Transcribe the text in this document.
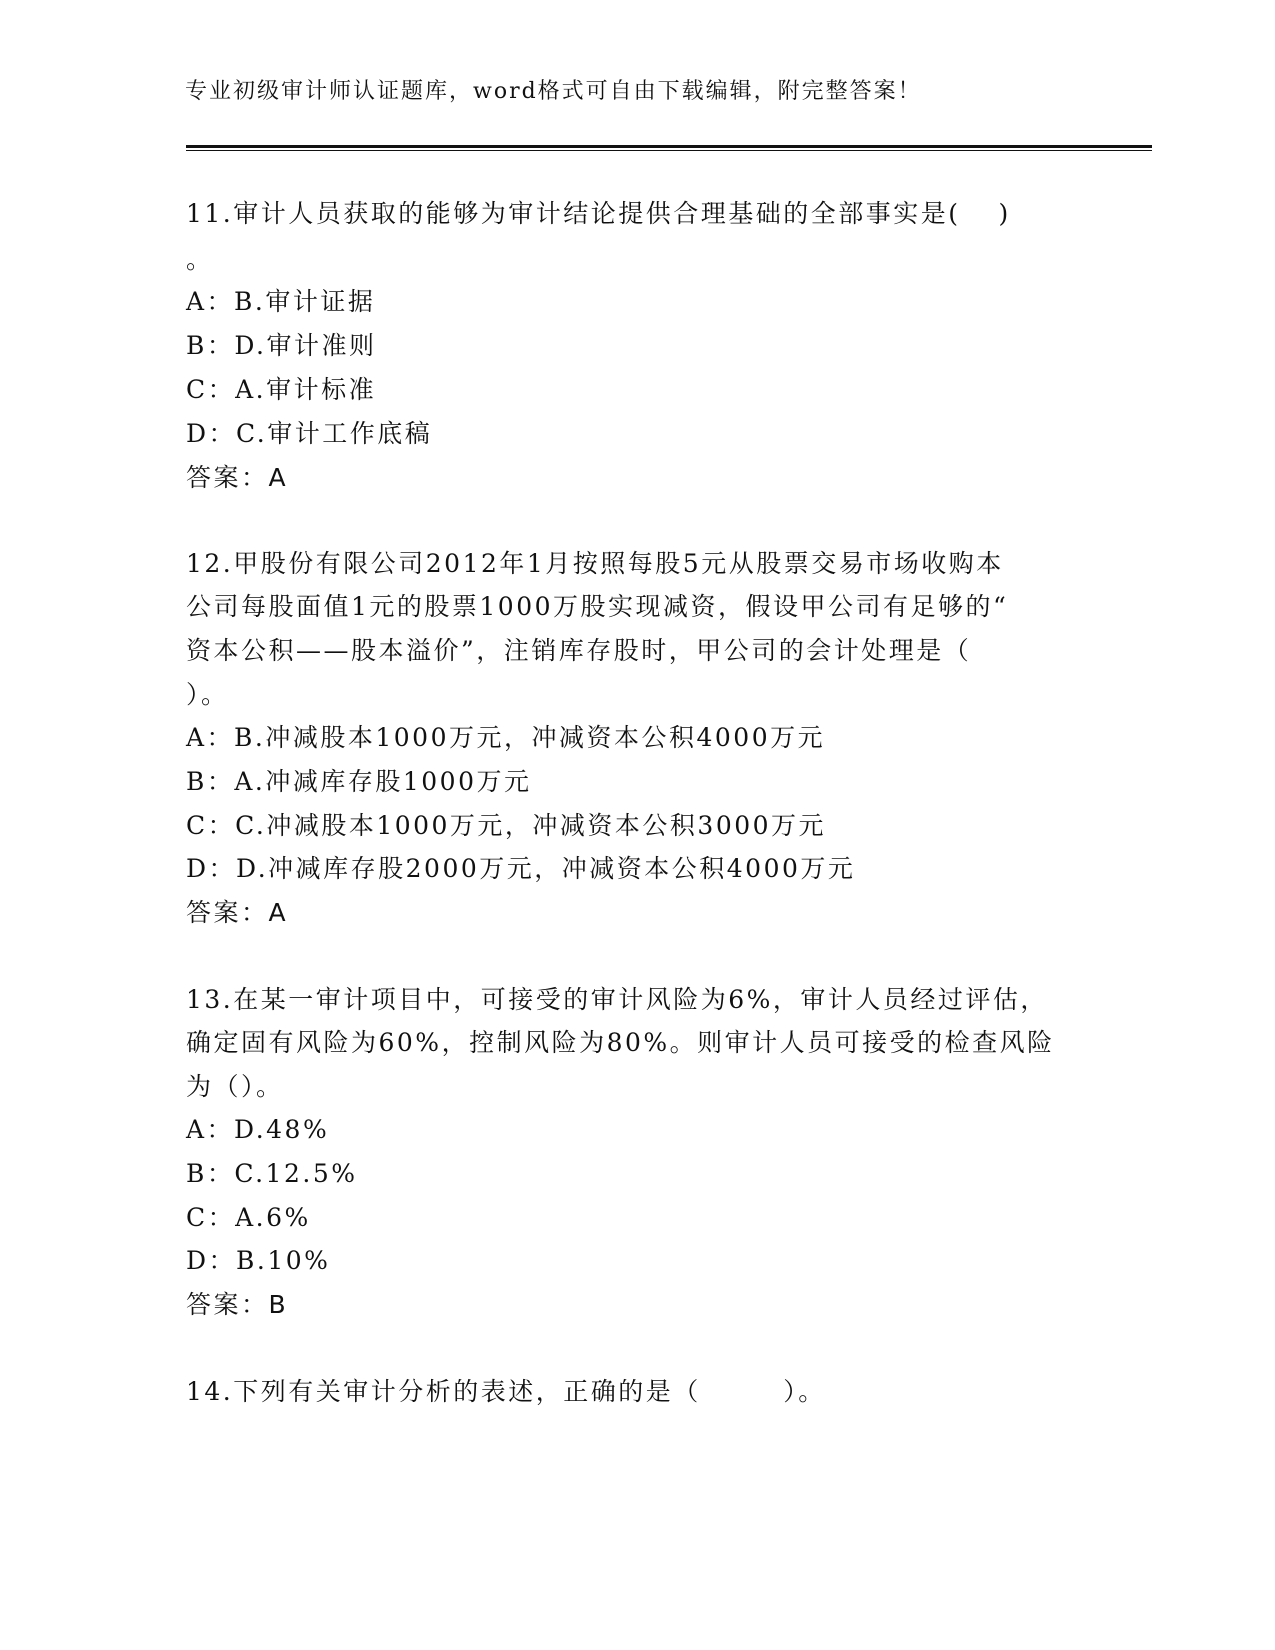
专业初级审计师认证题库，word格式可自由下载编辑，附完整答案！
11.审计人员获取的能够为审计结论提供合理基础的全部事实是(　 )
。
A：B.审计证据
B：D.审计准则
C：A.审计标准
D：C.审计工作底稿
答案：A
12.甲股份有限公司2012年1月按照每股5元从股票交易市场收购本
公司每股面值1元的股票1000万股实现减资，假设甲公司有足够的“
资本公积——股本溢价”，注销库存股时，甲公司的会计处理是（
）。
A：B.冲减股本1000万元，冲减资本公积4000万元
B：A.冲减库存股1000万元
C：C.冲减股本1000万元，冲减资本公积3000万元
D：D.冲减库存股2000万元，冲减资本公积4000万元
答案：A
13.在某一审计项目中，可接受的审计风险为6%，审计人员经过评估，
确定固有风险为60%，控制风险为80%。则审计人员可接受的检查风险
为（）。
A：D.48%
B：C.12.5%
C：A.6%
D：B.10%
答案：B
14.下列有关审计分析的表述，正确的是（　　　）。
